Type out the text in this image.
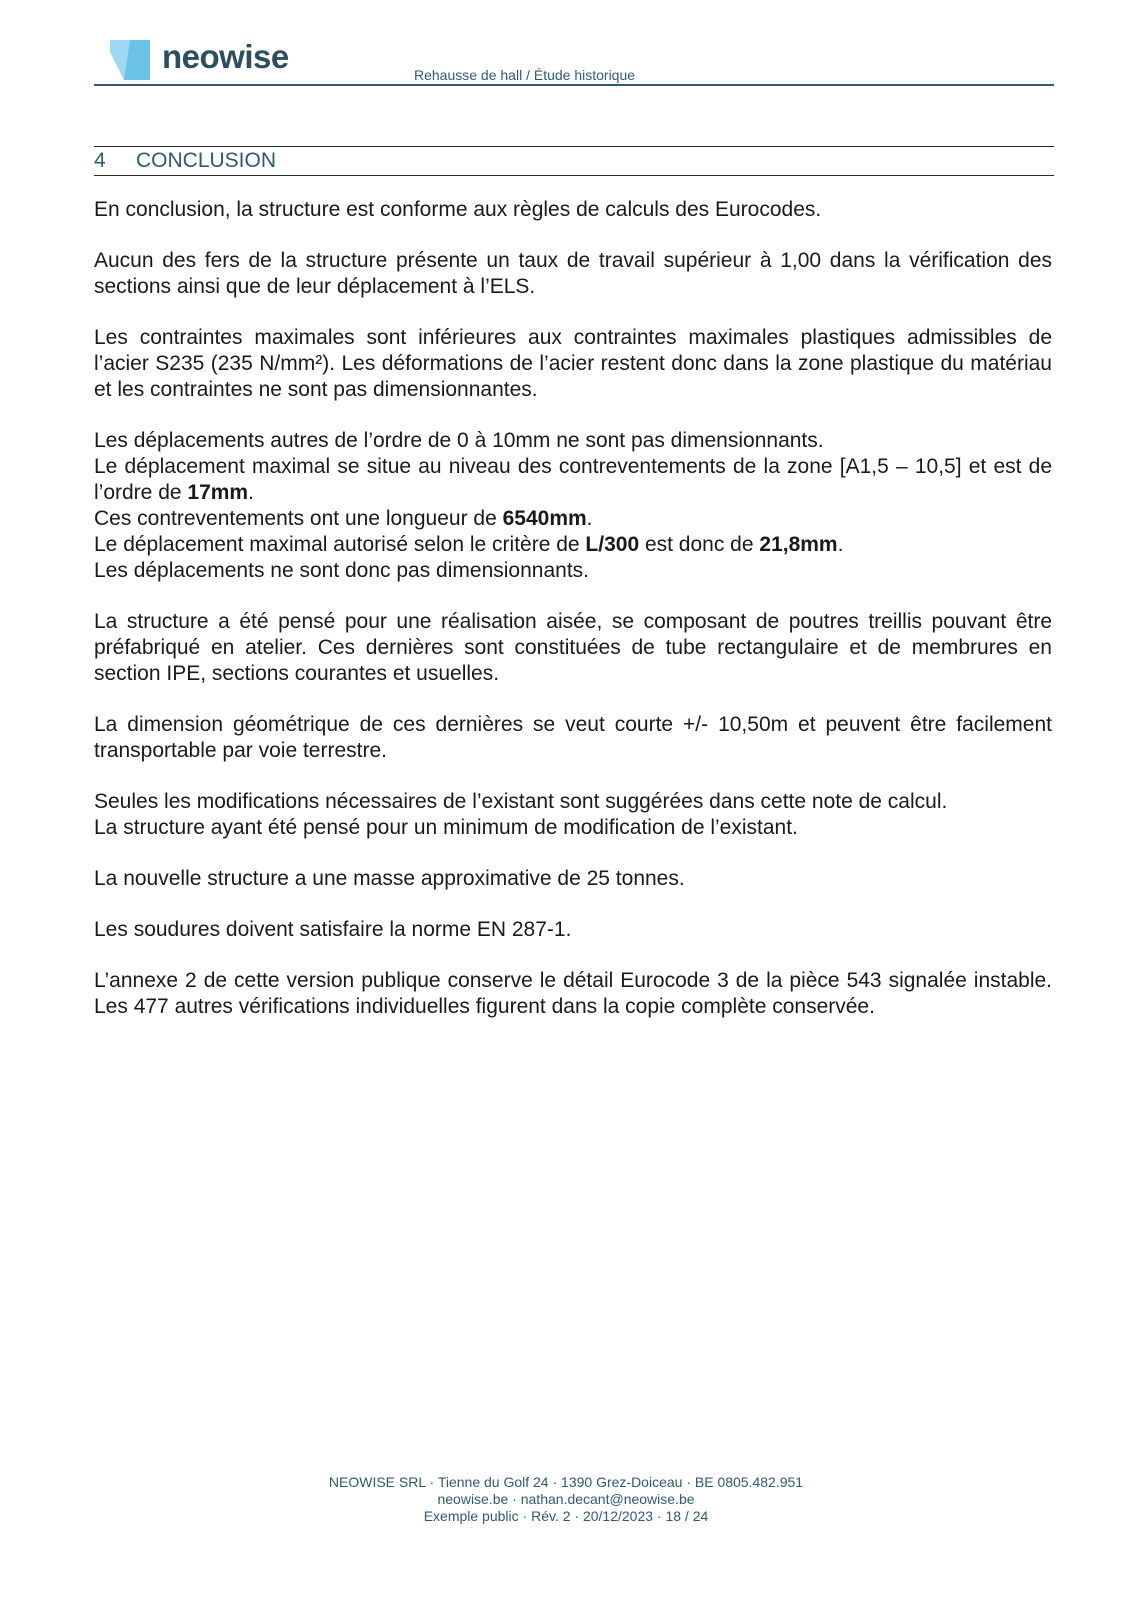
neowise	Rehausse de hall / Étude historique
4 CONCLUSION

En conclusion, la structure est conforme aux règles de calculs des Eurocodes.

Aucun des fers de la structure présente un taux de travail supérieur à 1,00 dans la vérification des sections ainsi que de leur déplacement à l’ELS.

Les contraintes maximales sont inférieures aux contraintes maximales plastiques admissibles de l’acier S235 (235 N/mm²). Les déformations de l’acier restent donc dans la zone plastique du matériau et les contraintes ne sont pas dimensionnantes.

Les déplacements autres de l’ordre de 0 à 10mm ne sont pas dimensionnants.

Le déplacement maximal se situe au niveau des contreventements de la zone [A1,5 – 10,5] et est de l’ordre de 17mm.

Ces contreventements ont une longueur de 6540mm.

Le déplacement maximal autorisé selon le critère de L/300 est donc de 21,8mm.

Les déplacements ne sont donc pas dimensionnants.

La structure a été pensé pour une réalisation aisée, se composant de poutres treillis pouvant être préfabriqué en atelier. Ces dernières sont constituées de tube rectangulaire et de membrures en section IPE, sections courantes et usuelles.

La dimension géométrique de ces dernières se veut courte +/- 10,50m et peuvent être facilement transportable par voie terrestre.

Seules les modifications nécessaires de l’existant sont suggérées dans cette note de calcul.

La structure ayant été pensé pour un minimum de modification de l’existant.

La nouvelle structure a une masse approximative de 25 tonnes.

Les soudures doivent satisfaire la norme EN 287-1.

L’annexe 2 de cette version publique conserve le détail Eurocode 3 de la pièce 543 signalée instable. Les 477 autres vérifications individuelles figurent dans la copie complète conservée.

NEOWISE SRL · Tienne du Golf 24 · 1390 Grez-Doiceau · BE 0805.482.951
neowise.be · nathan.decant@neowise.be
Exemple public · Rév. 2 · 20/12/2023 · 18 / 24
